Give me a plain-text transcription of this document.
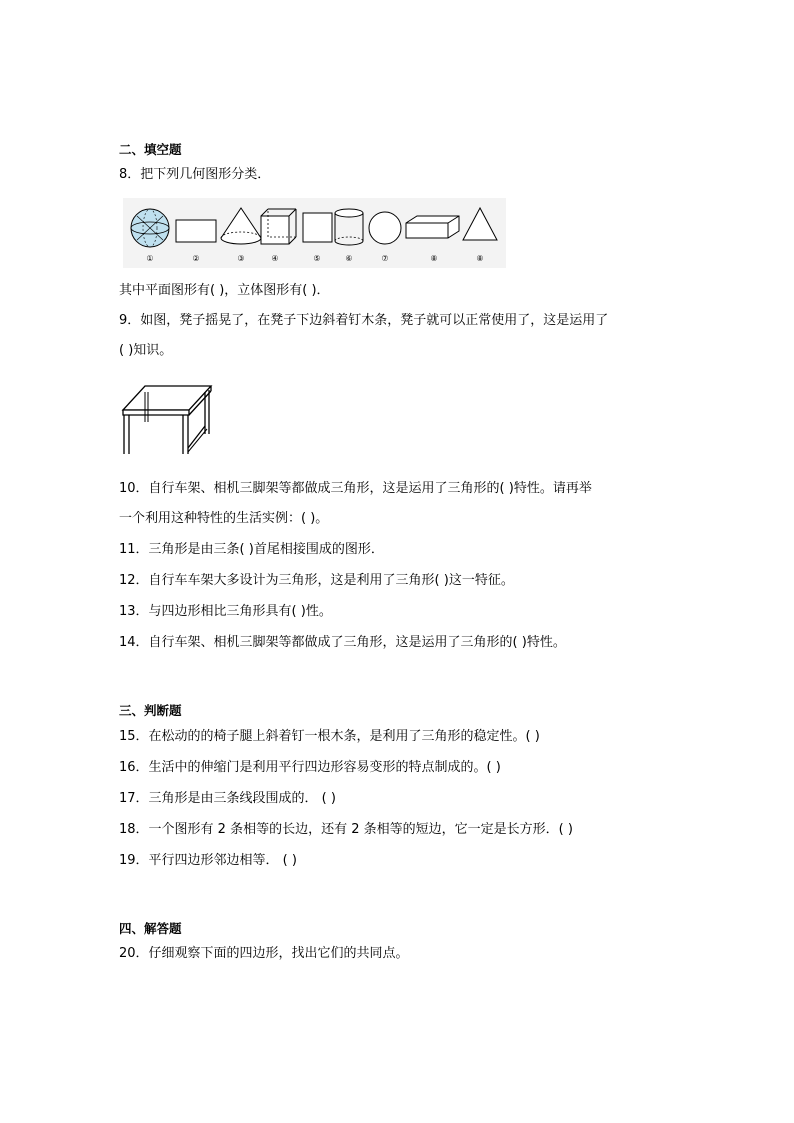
二、填空题
8．把下列几何图形分类．
①	②	③	④	⑤	⑥	⑦	⑧	⑧
其中平面图形有( )，立体图形有( )．
9．如图，凳子摇晃了，在凳子下边斜着钉木条，凳子就可以正常使用了，这是运用了
( )知识。
10．自行车架、相机三脚架等都做成三角形，这是运用了三角形的( )特性。请再举
一个利用这种特性的生活实例：( )。
11．三角形是由三条( )首尾相接围成的图形．
12．自行车车架大多设计为三角形，这是利用了三角形( )这一特征。
13．与四边形相比三角形具有( )性。
14．自行车架、相机三脚架等都做成了三角形，这是运用了三角形的( )特性。
三、判断题
15．在松动的的椅子腿上斜着钉一根木条，是利用了三角形的稳定性。( )
16．生活中的伸缩门是利用平行四边形容易变形的特点制成的。( )
17．三角形是由三条线段围成的． ( )
18．一个图形有 2 条相等的长边，还有 2 条相等的短边，它一定是长方形．( )
19．平行四边形邻边相等． ( )
四、解答题
20．仔细观察下面的四边形，找出它们的共同点。
